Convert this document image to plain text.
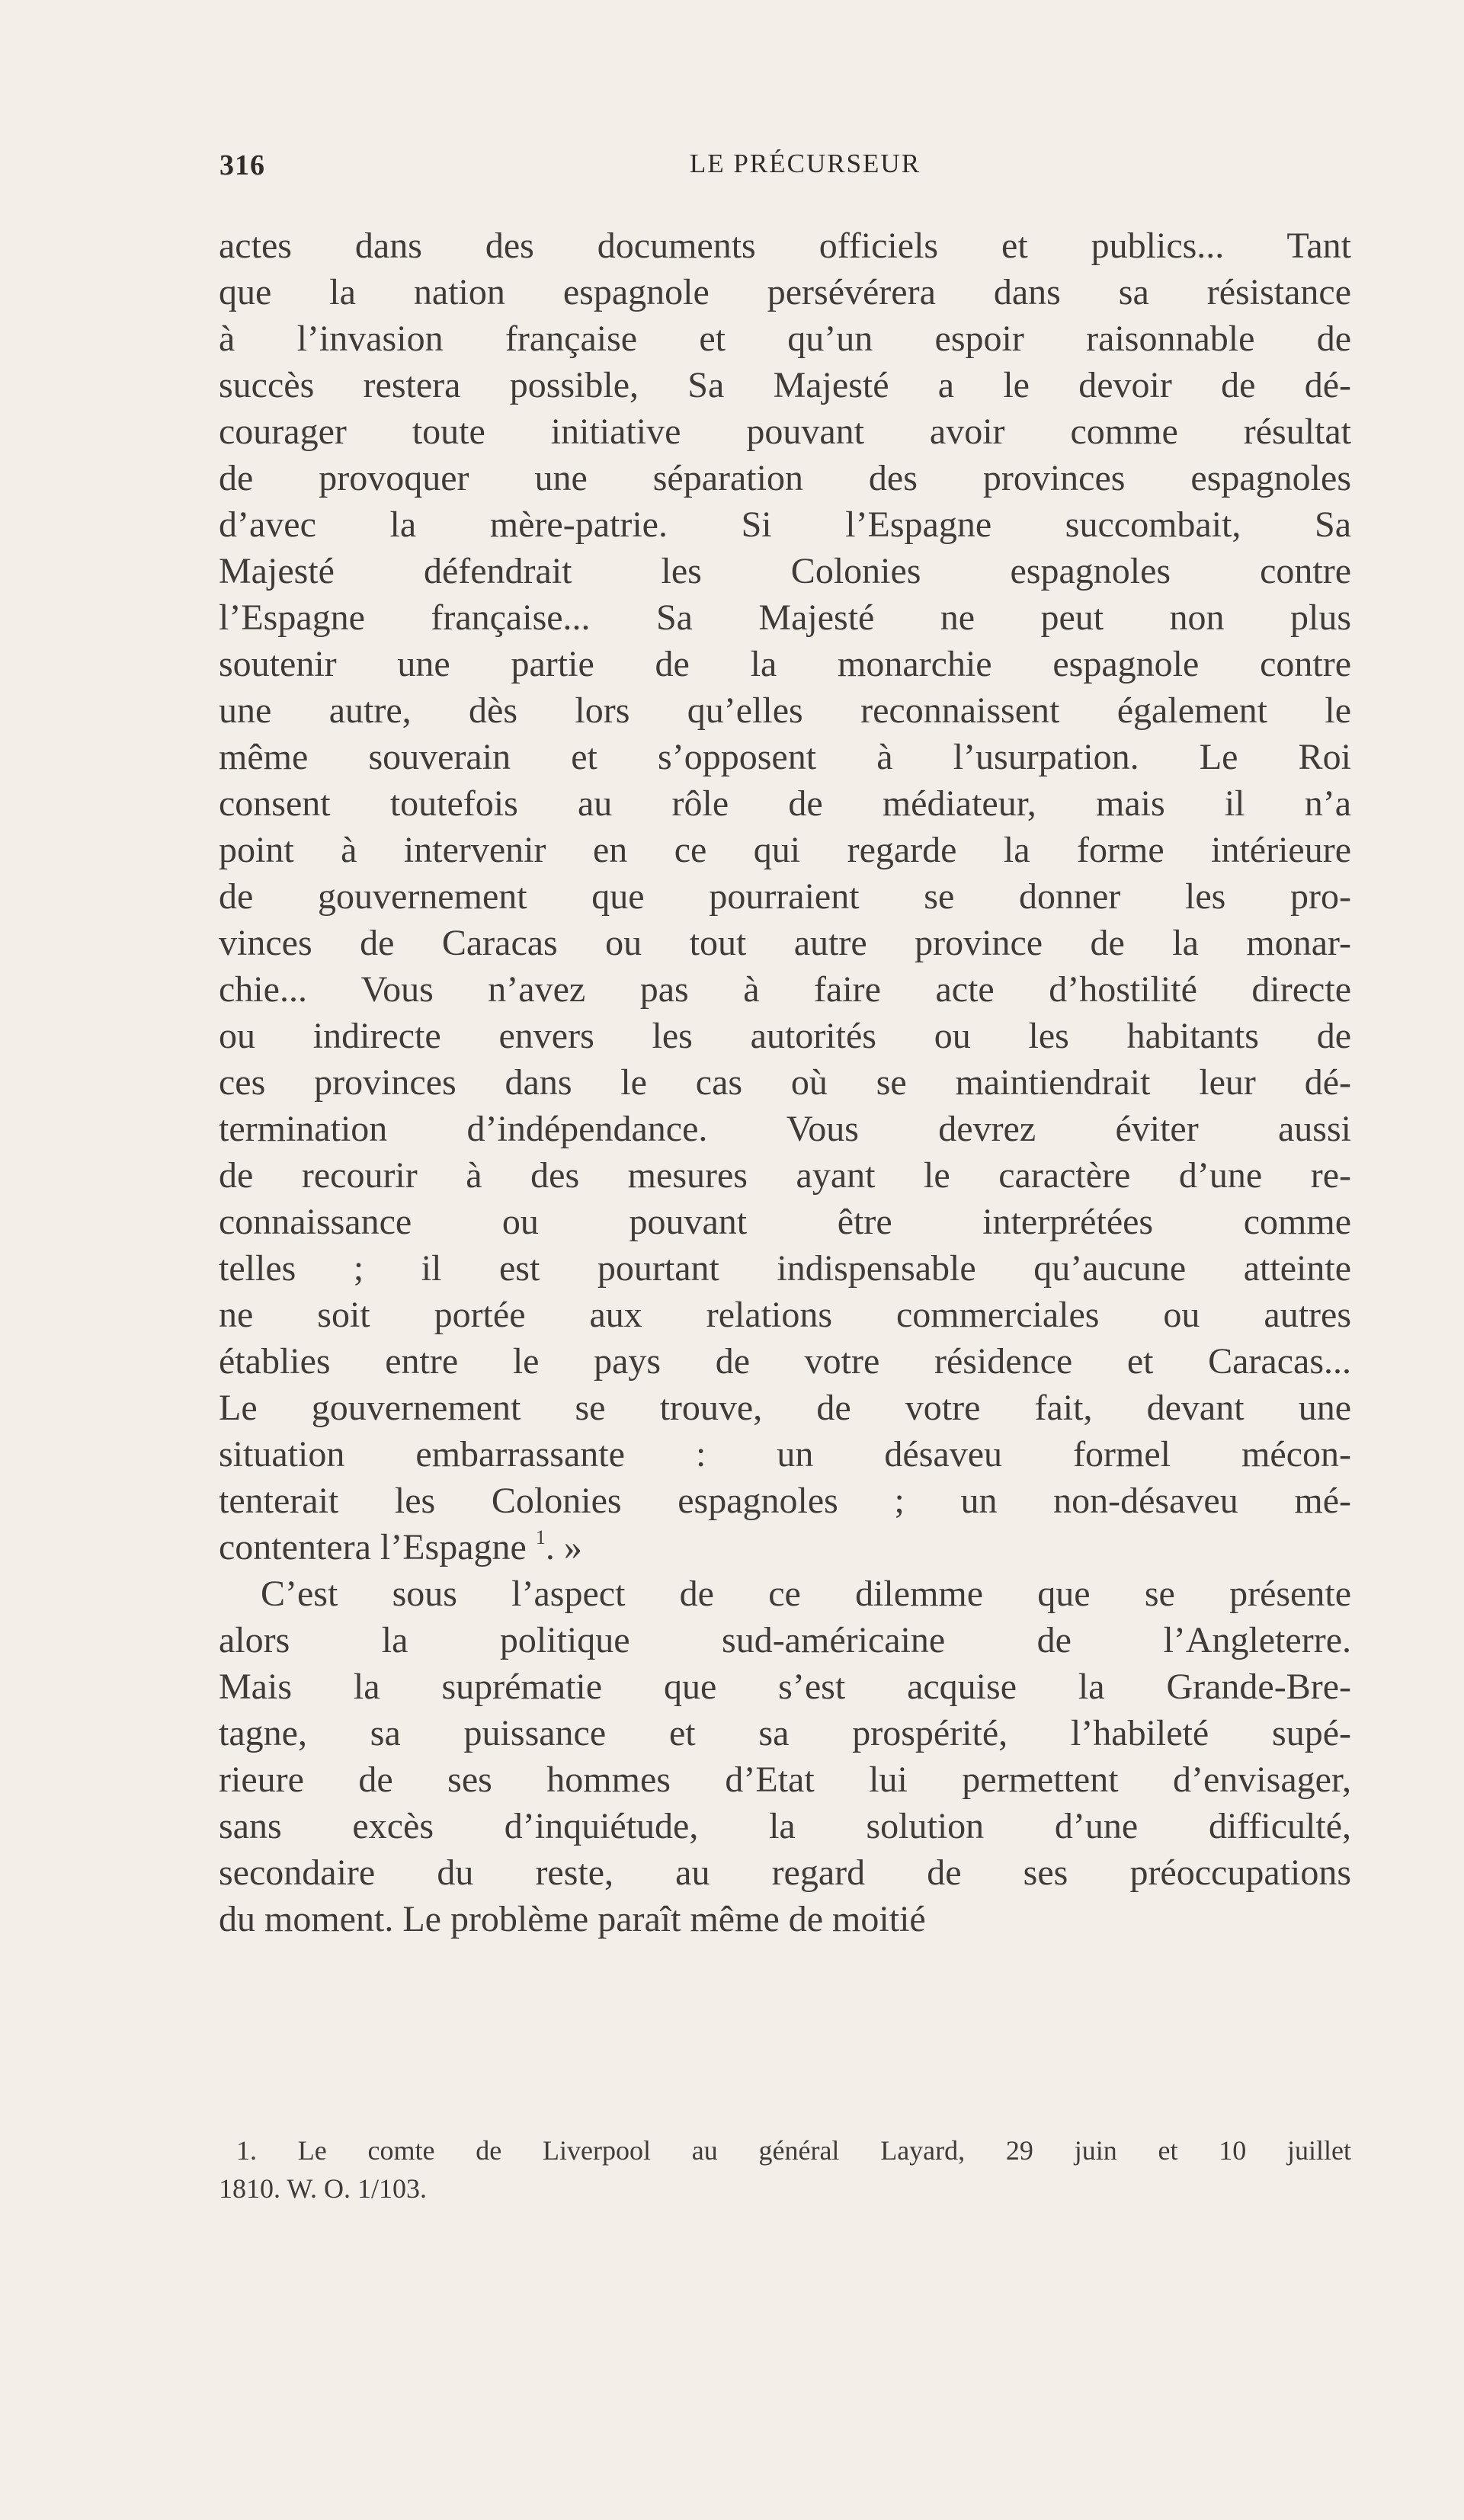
316	LE PRÉCURSEUR
actes dans des documents officiels et publics... Tant
que la nation espagnole persévérera dans sa résistance
à l’invasion française et qu’un espoir raisonnable de
succès restera possible, Sa Majesté a le devoir de dé-
courager toute initiative pouvant avoir comme résultat
de provoquer une séparation des provinces espagnoles
d’avec la mère-patrie. Si l’Espagne succombait, Sa
Majesté défendrait les Colonies espagnoles contre
l’Espagne française... Sa Majesté ne peut non plus
soutenir une partie de la monarchie espagnole contre
une autre, dès lors qu’elles reconnaissent également le
même souverain et s’opposent à l’usurpation. Le Roi
consent toutefois au rôle de médiateur, mais il n’a
point à intervenir en ce qui regarde la forme intérieure
de gouvernement que pourraient se donner les pro-
vinces de Caracas ou tout autre province de la monar-
chie... Vous n’avez pas à faire acte d’hostilité directe
ou indirecte envers les autorités ou les habitants de
ces provinces dans le cas où se maintiendrait leur dé-
termination d’indépendance. Vous devrez éviter aussi
de recourir à des mesures ayant le caractère d’une re-
connaissance ou pouvant être interprétées comme
telles ; il est pourtant indispensable qu’aucune atteinte
ne soit portée aux relations commerciales ou autres
établies entre le pays de votre résidence et Caracas...
Le gouvernement se trouve, de votre fait, devant une
situation embarrassante : un désaveu formel mécon-
tenterait les Colonies espagnoles ; un non-désaveu mé-
contentera l’Espagne $^1$. »
C’est sous l’aspect de ce dilemme que se présente
alors la politique sud-américaine de l’Angleterre.
Mais la suprématie que s’est acquise la Grande-Bre-
tagne, sa puissance et sa prospérité, l’habileté supé-
rieure de ses hommes d’Etat lui permettent d’envisager,
sans excès d’inquiétude, la solution d’une difficulté,
secondaire du reste, au regard de ses préoccupations
du moment. Le problème paraît même de moitié
1. Le comte de Liverpool au général Layard, 29 juin et 10 juillet
1810. W. O. 1/103.
